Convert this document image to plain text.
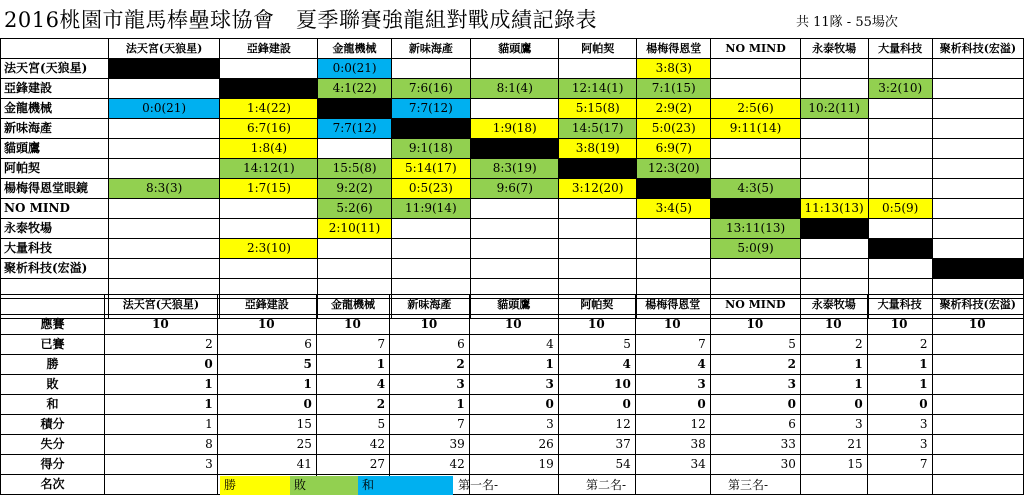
2016桃園市龍馬棒壘球協會　夏季聯賽強龍組對戰成績記錄表	共 11隊 - 55場次
	法天宮(天狼星)	亞鋒建設	金龍機械	新味海產	貓頭鷹	阿帕契	楊梅得恩堂	NO MIND	永泰牧場	大量科技	聚析科技(宏溢)
法天宮(天狼星)			0:0(21)				3:8(3)				
亞鋒建設			4:1(22)	7:6(16)	8:1(4)	12:14(1)	7:1(15)			3:2(10)	
金龍機械	0:0(21)	1:4(22)		7:7(12)		5:15(8)	2:9(2)	2:5(6)	10:2(11)		
新味海產		6:7(16)	7:7(12)		1:9(18)	14:5(17)	5:0(23)	9:11(14)			
貓頭鷹		1:8(4)		9:1(18)		3:8(19)	6:9(7)				
阿帕契		14:12(1)	15:5(8)	5:14(17)	8:3(19)		12:3(20)				
楊梅得恩堂眼鏡	8:3(3)	1:7(15)	9:2(2)	0:5(23)	9:6(7)	3:12(20)		4:3(5)			
NO MIND			5:2(6)	11:9(14)			3:4(5)		11:13(13)	0:5(9)	
永泰牧場			2:10(11)					13:11(13)			
大量科技		2:3(10)						5:0(9)			
聚析科技(宏溢)											

	法天宮(天狼星)	亞鋒建設	金龍機械	新味海產	貓頭鷹	阿帕契	楊梅得恩堂	NO MIND	永泰牧場	大量科技	聚析科技(宏溢)
應賽	10	10	10	10	10	10	10	10	10	10	10
已賽	2	6	7	6	4	5	7	5	2	2	
勝	0	5	1	2	1	4	4	2	1	1	
敗	1	1	4	3	3	10	3	3	1	1	
和	1	0	2	1	0	0	0	0	0	0	
積分	1	15	5	7	3	12	12	6	3	3	
失分	8	25	42	39	26	37	38	33	21	3	
得分	3	41	27	42	19	54	34	30	15	7	
名次												勝	敗	和	第一名-	第二名-	第三名-
